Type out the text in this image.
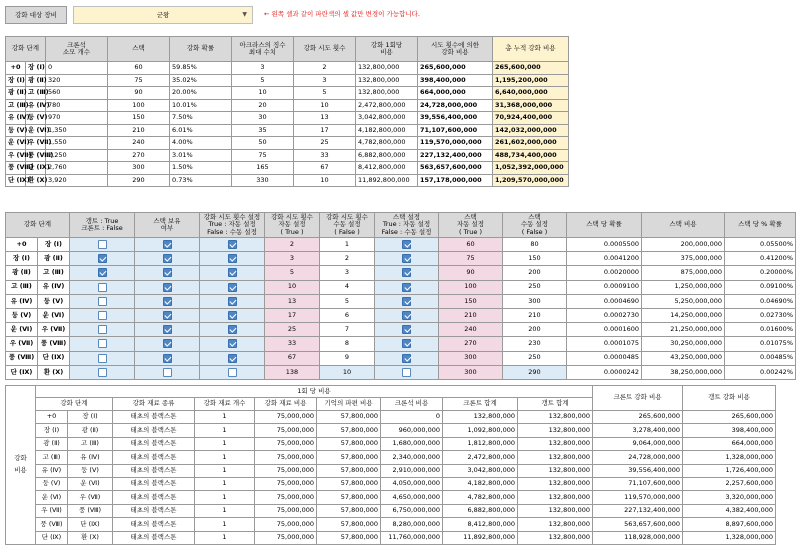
강화 대상 장비	군왕	▼	← 왼쪽 셀과 같이 파란색의 셀 값만 변경이 가능합니다.
강화 단계		크론석
소모 개수	스택	강화 확률	아크라스의 징수
최대 수치	강화 시도 횟수	강화 1회당
비용	시도 횟수에 의한
강화 비용	총 누적 강화 비용
+0	장 (Ⅰ)	0	60	59.85%	3	2	132,800,000	265,600,000	265,600,000
장 (Ⅰ)	광 (Ⅱ)	320	75	35.02%	5	3	132,800,000	398,400,000	1,195,200,000
광 (Ⅱ)	고 (Ⅲ)	560	90	20.00%	10	5	132,800,000	664,000,000	6,640,000,000
고 (Ⅲ)	유 (Ⅳ)	780	100	10.01%	20	10	2,472,800,000	24,728,000,000	31,368,000,000
유 (Ⅳ)	둥 (Ⅴ)	970	150	7.50%	30	13	3,042,800,000	39,556,400,000	70,924,400,000
둥 (Ⅴ)	운 (Ⅵ)	1,350	210	6.01%	35	17	4,182,800,000	71,107,600,000	142,032,000,000
운 (Ⅵ)	우 (Ⅶ)	1,550	240	4.00%	50	25	4,782,800,000	119,570,000,000	261,602,000,000
우 (Ⅶ)	풍 (Ⅷ)	2,250	270	3.01%	75	33	6,882,800,000	227,132,400,000	488,734,400,000
풍 (Ⅷ)	단 (Ⅸ)	2,760	300	1.50%	165	67	8,412,800,000	563,657,600,000	1,052,392,000,000
단 (Ⅸ)	환 (Ⅹ)	3,920	290	0.73%	330	10	11,892,800,000	157,178,000,000	1,209,570,000,000
강화 단계		갱트 : True
크론트 : False	스택 보유
여부	강화 시도 횟수 설정
True : 자동 설정
False : 수동 설정	강화 시도 횟수
자동 설정
( True )	강화 시도 횟수
수동 설정
( False )	스택 설정
True : 자동 설정
False : 수동 설정	스택
자동 설정
( True )	스택
수동 설정
( False )	스택 당 확률	스택 비용	스택 당 % 확률
+0	장 (Ⅰ)				2	1		60	80	0.0005500	200,000,000	0.05500%
장 (Ⅰ)	광 (Ⅱ)				3	2		75	150	0.0041200	375,000,000	0.41200%
광 (Ⅱ)	고 (Ⅲ)				5	3		90	200	0.0020000	875,000,000	0.20000%
고 (Ⅲ)	유 (Ⅳ)				10	4		100	250	0.0009100	1,250,000,000	0.09100%
유 (Ⅳ)	둥 (Ⅴ)				13	5		150	300	0.0004690	5,250,000,000	0.04690%
둥 (Ⅴ)	운 (Ⅵ)				17	6		210	210	0.0002730	14,250,000,000	0.02730%
운 (Ⅵ)	우 (Ⅶ)				25	7		240	200	0.0001600	21,250,000,000	0.01600%
우 (Ⅶ)	풍 (Ⅷ)				33	8		270	230	0.0001075	30,250,000,000	0.01075%
풍 (Ⅷ)	단 (Ⅸ)				67	9		300	250	0.0000485	43,250,000,000	0.00485%
단 (Ⅸ)	환 (Ⅹ)				138	10		300	290	0.0000242	38,250,000,000	0.00242%
강화
비용	1회 당 비용									크론트 강화 비용	갱트 강화 비용
	강화 단계		강화 재료 종류	강화 재료 개수	강화 재료 비용	기억의 파편 비용	크론석 비용	크론트 합계	갱트 합계		
	+0	장 (Ⅰ)	태초의 블랙스톤	1	75,000,000	57,800,000	0	132,800,000	132,800,000	265,600,000	265,600,000
	장 (Ⅰ)	광 (Ⅱ)	태초의 블랙스톤	1	75,000,000	57,800,000	960,000,000	1,092,800,000	132,800,000	3,278,400,000	398,400,000
	광 (Ⅱ)	고 (Ⅲ)	태초의 블랙스톤	1	75,000,000	57,800,000	1,680,000,000	1,812,800,000	132,800,000	9,064,000,000	664,000,000
	고 (Ⅲ)	유 (Ⅳ)	태초의 블랙스톤	1	75,000,000	57,800,000	2,340,000,000	2,472,800,000	132,800,000	24,728,000,000	1,328,000,000
	유 (Ⅳ)	둥 (Ⅴ)	태초의 블랙스톤	1	75,000,000	57,800,000	2,910,000,000	3,042,800,000	132,800,000	39,556,400,000	1,726,400,000
	둥 (Ⅴ)	운 (Ⅵ)	태초의 블랙스톤	1	75,000,000	57,800,000	4,050,000,000	4,182,800,000	132,800,000	71,107,600,000	2,257,600,000
	운 (Ⅵ)	우 (Ⅶ)	태초의 블랙스톤	1	75,000,000	57,800,000	4,650,000,000	4,782,800,000	132,800,000	119,570,000,000	3,320,000,000
	우 (Ⅶ)	풍 (Ⅷ)	태초의 블랙스톤	1	75,000,000	57,800,000	6,750,000,000	6,882,800,000	132,800,000	227,132,400,000	4,382,400,000
	풍 (Ⅷ)	단 (Ⅸ)	태초의 블랙스톤	1	75,000,000	57,800,000	8,280,000,000	8,412,800,000	132,800,000	563,657,600,000	8,897,600,000
	단 (Ⅸ)	환 (Ⅹ)	태초의 블랙스톤	1	75,000,000	57,800,000	11,760,000,000	11,892,800,000	132,800,000	118,928,000,000	1,328,000,000
